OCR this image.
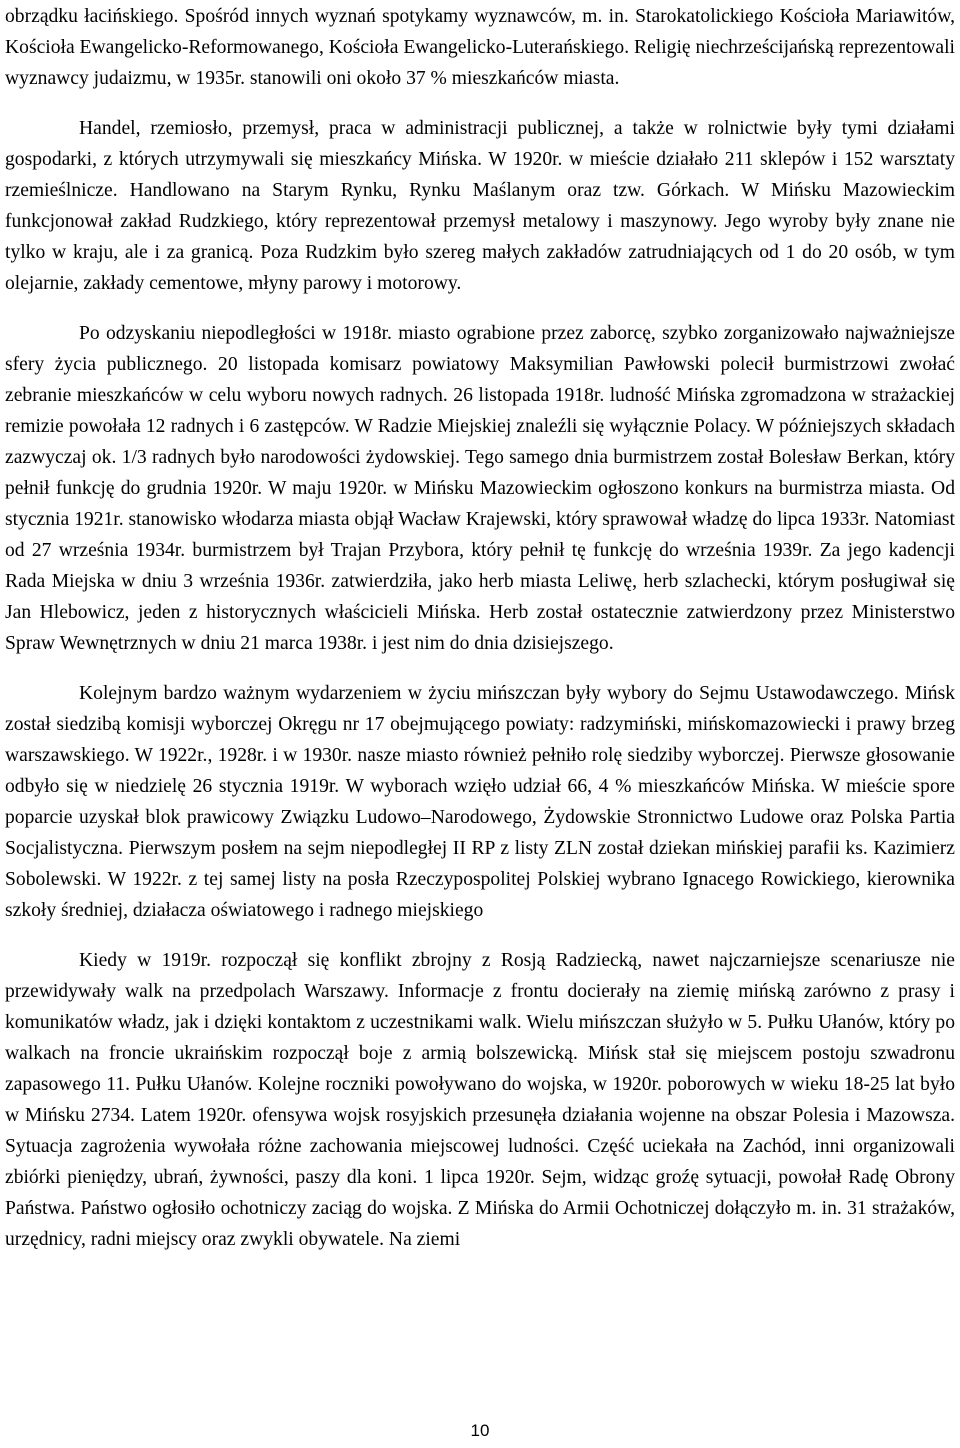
obrządku łacińskiego. Spośród innych wyznań spotykamy wyznawców, m. in. Starokatolickiego Kościoła Mariawitów, Kościoła Ewangelicko-Reformowanego, Kościoła Ewangelicko-Luterańskiego. Religię niechrześcijańską reprezentowali wyznawcy judaizmu, w 1935r. stanowili oni około 37 % mieszkańców miasta.

Handel, rzemiosło, przemysł, praca w administracji publicznej, a także w rolnictwie były tymi działami gospodarki, z których utrzymywali się mieszkańcy Mińska. W 1920r. w mieście działało 211 sklepów i 152 warsztaty rzemieślnicze. Handlowano na Starym Rynku, Rynku Maślanym oraz tzw. Górkach. W Mińsku Mazowieckim funkcjonował zakład Rudzkiego, który reprezentował przemysł metalowy i maszynowy. Jego wyroby były znane nie tylko w kraju, ale i za granicą. Poza Rudzkim było szereg małych zakładów zatrudniających od 1 do 20 osób, w tym olejarnie, zakłady cementowe, młyny parowy i motorowy.

Po odzyskaniu niepodległości w 1918r. miasto ograbione przez zaborcę, szybko zorganizowało najważniejsze sfery życia publicznego. 20 listopada komisarz powiatowy Maksymilian Pawłowski polecił burmistrzowi zwołać zebranie mieszkańców w celu wyboru nowych radnych. 26 listopada 1918r. ludność Mińska zgromadzona w strażackiej remizie powołała 12 radnych i 6 zastępców. W Radzie Miejskiej znaleźli się wyłącznie Polacy. W późniejszych składach zazwyczaj ok. 1/3 radnych było narodowości żydowskiej. Tego samego dnia burmistrzem został Bolesław Berkan, który pełnił funkcję do grudnia 1920r. W maju 1920r. w Mińsku Mazowieckim ogłoszono konkurs na burmistrza miasta. Od stycznia 1921r. stanowisko włodarza miasta objął Wacław Krajewski, który sprawował władzę do lipca 1933r. Natomiast od 27 września 1934r. burmistrzem był Trajan Przybora, który pełnił tę funkcję do września 1939r. Za jego kadencji Rada Miejska w dniu 3 września 1936r. zatwierdziła, jako herb miasta Leliwę, herb szlachecki, którym posługiwał się Jan Hlebowicz, jeden z historycznych właścicieli Mińska. Herb został ostatecznie zatwierdzony przez Ministerstwo Spraw Wewnętrznych w dniu 21 marca 1938r. i jest nim do dnia dzisiejszego.

Kolejnym bardzo ważnym wydarzeniem w życiu mińszczan były wybory do Sejmu Ustawodawczego. Mińsk został siedzibą komisji wyborczej Okręgu nr 17 obejmującego powiaty: radzymiński, mińskomazowiecki i prawy brzeg warszawskiego. W 1922r., 1928r. i w 1930r. nasze miasto również pełniło rolę siedziby wyborczej. Pierwsze głosowanie odbyło się w niedzielę 26 stycznia 1919r. W wyborach wzięło udział 66, 4 % mieszkańców Mińska. W mieście spore poparcie uzyskał blok prawicowy Związku Ludowo–Narodowego, Żydowskie Stronnictwo Ludowe oraz Polska Partia Socjalistyczna. Pierwszym posłem na sejm niepodległej II RP z listy ZLN został dziekan mińskiej parafii ks. Kazimierz Sobolewski. W 1922r. z tej samej listy na posła Rzeczypospolitej Polskiej wybrano Ignacego Rowickiego, kierownika szkoły średniej, działacza oświatowego i radnego miejskiego

Kiedy w 1919r. rozpoczął się konflikt zbrojny z Rosją Radziecką, nawet najczarniejsze scenariusze nie przewidywały walk na przedpolach Warszawy. Informacje z frontu docierały na ziemię mińską zarówno z prasy i komunikatów władz, jak i dzięki kontaktom z uczestnikami walk. Wielu mińszczan służyło w 5. Pułku Ułanów, który po walkach na froncie ukraińskim rozpoczął boje z armią bolszewicką. Mińsk stał się miejscem postoju szwadronu zapasowego 11. Pułku Ułanów. Kolejne roczniki powoływano do wojska, w 1920r. poborowych w wieku 18-25 lat było w Mińsku 2734. Latem 1920r. ofensywa wojsk rosyjskich przesunęła działania wojenne na obszar Polesia i Mazowsza. Sytuacja zagrożenia wywołała różne zachowania miejscowej ludności. Część uciekała na Zachód, inni organizowali zbiórki pieniędzy, ubrań, żywności, paszy dla koni. 1 lipca 1920r. Sejm, widząc groźę sytuacji, powołał Radę Obrony Państwa. Państwo ogłosiło ochotniczy zaciąg do wojska. Z Mińska do Armii Ochotniczej dołączyło m. in. 31 strażaków, urzędnicy, radni miejscy oraz zwykli obywatele. Na ziemi

10
